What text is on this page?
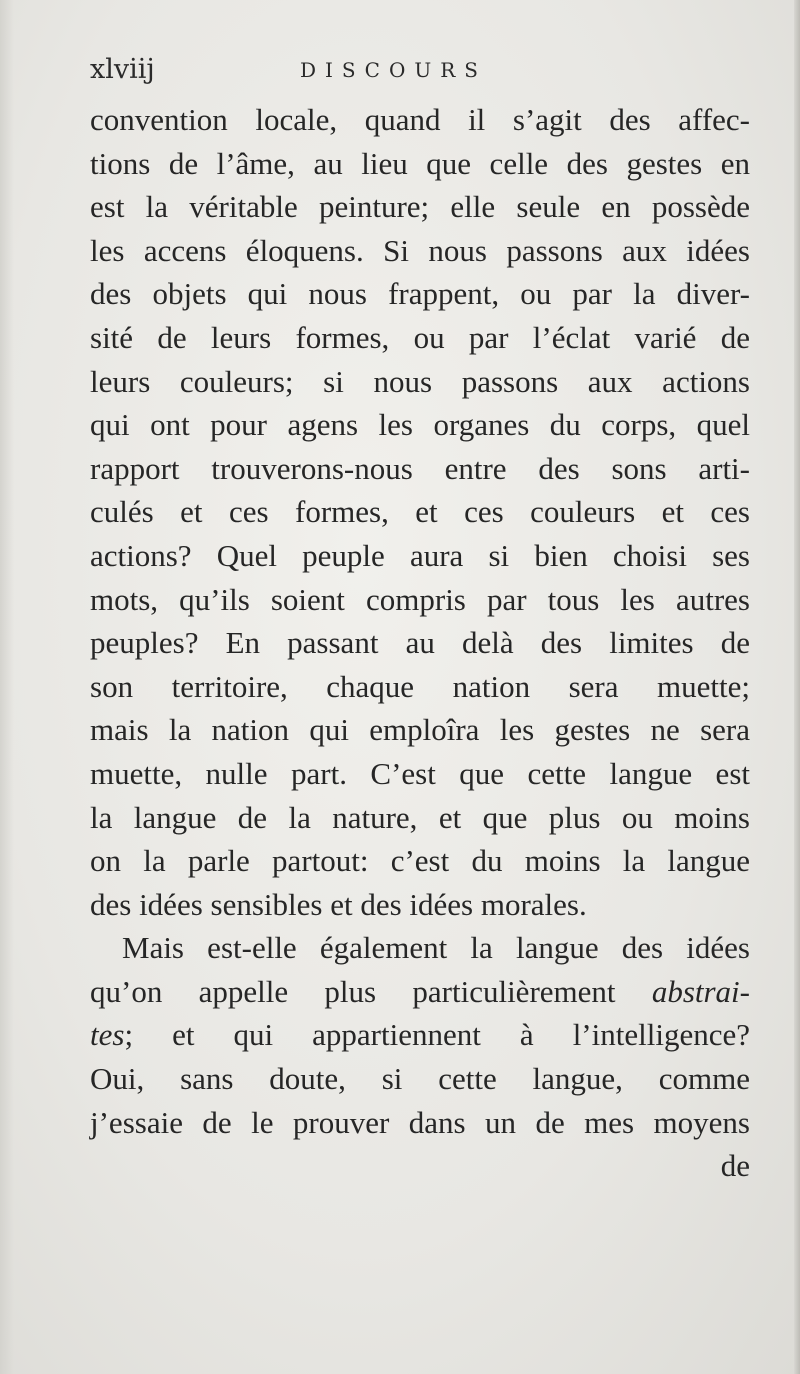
xlviij	DISCOURS
convention locale, quand il s’agit des affec-
tions de l’âme, au lieu que celle des gestes en
est la véritable peinture; elle seule en possède
les accens éloquens. Si nous passons aux idées
des objets qui nous frappent, ou par la diver-
sité de leurs formes, ou par l’éclat varié de
leurs couleurs; si nous passons aux actions
qui ont pour agens les organes du corps, quel
rapport trouverons-nous entre des sons arti-
culés et ces formes, et ces couleurs et ces
actions? Quel peuple aura si bien choisi ses
mots, qu’ils soient compris par tous les autres
peuples? En passant au delà des limites de
son territoire, chaque nation sera muette;
mais la nation qui emploîra les gestes ne sera
muette, nulle part. C’est que cette langue est
la langue de la nature, et que plus ou moins
on la parle partout: c’est du moins la langue
des idées sensibles et des idées morales.
Mais est-elle également la langue des idées
qu’on appelle plus particulièrement abstrai-
tes; et qui appartiennent à l’intelligence?
Oui, sans doute, si cette langue, comme
j’essaie de le prouver dans un de mes moyens
de
